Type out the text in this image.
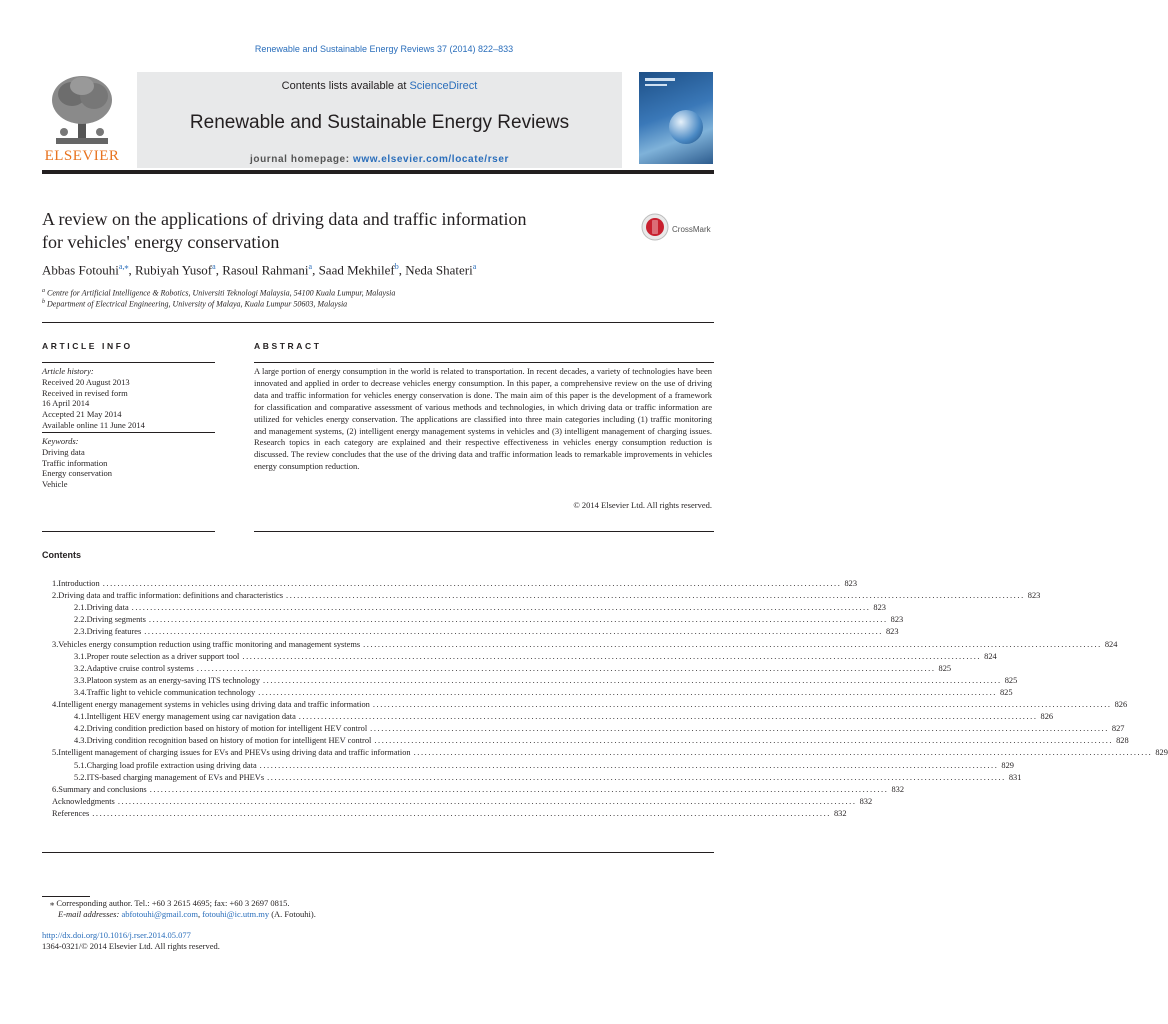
Renewable and Sustainable Energy Reviews 37 (2014) 822–833
ELSEVIER
Contents lists available at ScienceDirect
Renewable and Sustainable Energy Reviews
journal homepage: www.elsevier.com/locate/rser
A review on the applications of driving data and traffic information
for vehicles' energy conservation
CrossMark
Abbas Fotouhi$^{a,⁎}$, Rubiyah Yusof$^a$, Rasoul Rahmani$^a$, Saad Mekhilef$^b$, Neda Shateri$^a$
$^a$ Centre for Artificial Intelligence & Robotics, Universiti Teknologi Malaysia, 54100 Kuala Lumpur, Malaysia
$^b$ Department of Electrical Engineering, University of Malaya, Kuala Lumpur 50603, Malaysia
ARTICLE INFO	ABSTRACT
Article history:
Received 20 August 2013
Received in revised form
16 April 2014
Accepted 21 May 2014
Available online 11 June 2014
Keywords:
Driving data
Traffic information
Energy conservation
Vehicle
A large portion of energy consumption in the world is related to transportation. In recent decades, a variety of technologies have been innovated and applied in order to decrease vehicles energy consumption. In this paper, a comprehensive review on the use of driving data and traffic information for vehicles energy conservation is done. The main aim of this paper is the development of a framework for classification and comparative assessment of various methods and technologies, in which driving data or traffic information are utilized for vehicles energy conservation. The applications are classified into three main categories including (1) traffic monitoring and management systems, (2) intelligent energy management systems in vehicles and (3) intelligent management of charging issues. Research topics in each category are explained and their respective effectiveness in vehicles energy consumption reduction is discussed. The review concludes that the use of the driving data and traffic information leads to remarkable improvements in vehicles energy consumption reduction.
© 2014 Elsevier Ltd. All rights reserved.
Contents
1. Introduction ........................................................................................................................................................................................................ 823
2. Driving data and traffic information: definitions and characteristics ........................................................................................................................................................................................................ 823
2.1. Driving data ........................................................................................................................................................................................................ 823
2.2. Driving segments ........................................................................................................................................................................................................ 823
2.3. Driving features ........................................................................................................................................................................................................ 823
3. Vehicles energy consumption reduction using traffic monitoring and management systems ........................................................................................................................................................................................................ 824
3.1. Proper route selection as a driver support tool ........................................................................................................................................................................................................ 824
3.2. Adaptive cruise control systems ........................................................................................................................................................................................................ 825
3.3. Platoon system as an energy-saving ITS technology ........................................................................................................................................................................................................ 825
3.4. Traffic light to vehicle communication technology ........................................................................................................................................................................................................ 825
4. Intelligent energy management systems in vehicles using driving data and traffic information ........................................................................................................................................................................................................ 826
4.1. Intelligent HEV energy management using car navigation data ........................................................................................................................................................................................................ 826
4.2. Driving condition prediction based on history of motion for intelligent HEV control ........................................................................................................................................................................................................ 827
4.3. Driving condition recognition based on history of motion for intelligent HEV control ........................................................................................................................................................................................................ 828
5. Intelligent management of charging issues for EVs and PHEVs using driving data and traffic information ........................................................................................................................................................................................................ 829
5.1. Charging load profile extraction using driving data ........................................................................................................................................................................................................ 829
5.2. ITS-based charging management of EVs and PHEVs ........................................................................................................................................................................................................ 831
6. Summary and conclusions ........................................................................................................................................................................................................ 832
Acknowledgments ........................................................................................................................................................................................................ 832
References ........................................................................................................................................................................................................ 832
⁎ Corresponding author. Tel.: +60 3 2615 4695; fax: +60 3 2697 0815.
E-mail addresses: abfotouhi@gmail.com, fotouhi@ic.utm.my (A. Fotouhi).
http://dx.doi.org/10.1016/j.rser.2014.05.077
1364-0321/© 2014 Elsevier Ltd. All rights reserved.
